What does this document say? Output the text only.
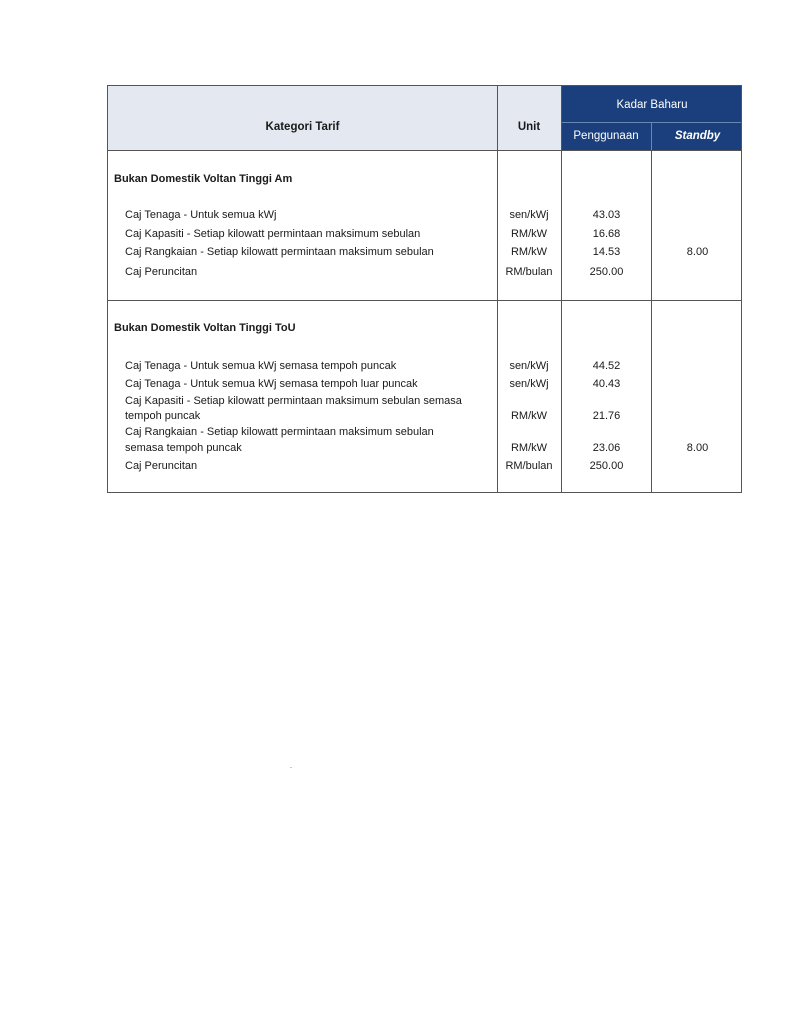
Kategori Tarif	Unit
Kadar Baharu
Penggunaan	Standby
Bukan Domestik Voltan Tinggi Am
Caj Tenaga - Untuk semua kWj	sen/kWj	43.03
Caj Kapasiti - Setiap kilowatt permintaan maksimum sebulan	RM/kW	16.68
Caj Rangkaian - Setiap kilowatt permintaan maksimum sebulan	RM/kW	14.53	8.00
Caj Peruncitan	RM/bulan	250.00
Bukan Domestik Voltan Tinggi ToU
Caj Tenaga - Untuk semua kWj semasa tempoh puncak	sen/kWj	44.52
Caj Tenaga - Untuk semua kWj semasa tempoh luar puncak	sen/kWj	40.43
Caj Kapasiti - Setiap kilowatt permintaan maksimum sebulan semasa
tempoh puncak	RM/kW	21.76
Caj Rangkaian - Setiap kilowatt permintaan maksimum sebulan
semasa tempoh puncak	RM/kW	23.06	8.00
Caj Peruncitan	RM/bulan	250.00
